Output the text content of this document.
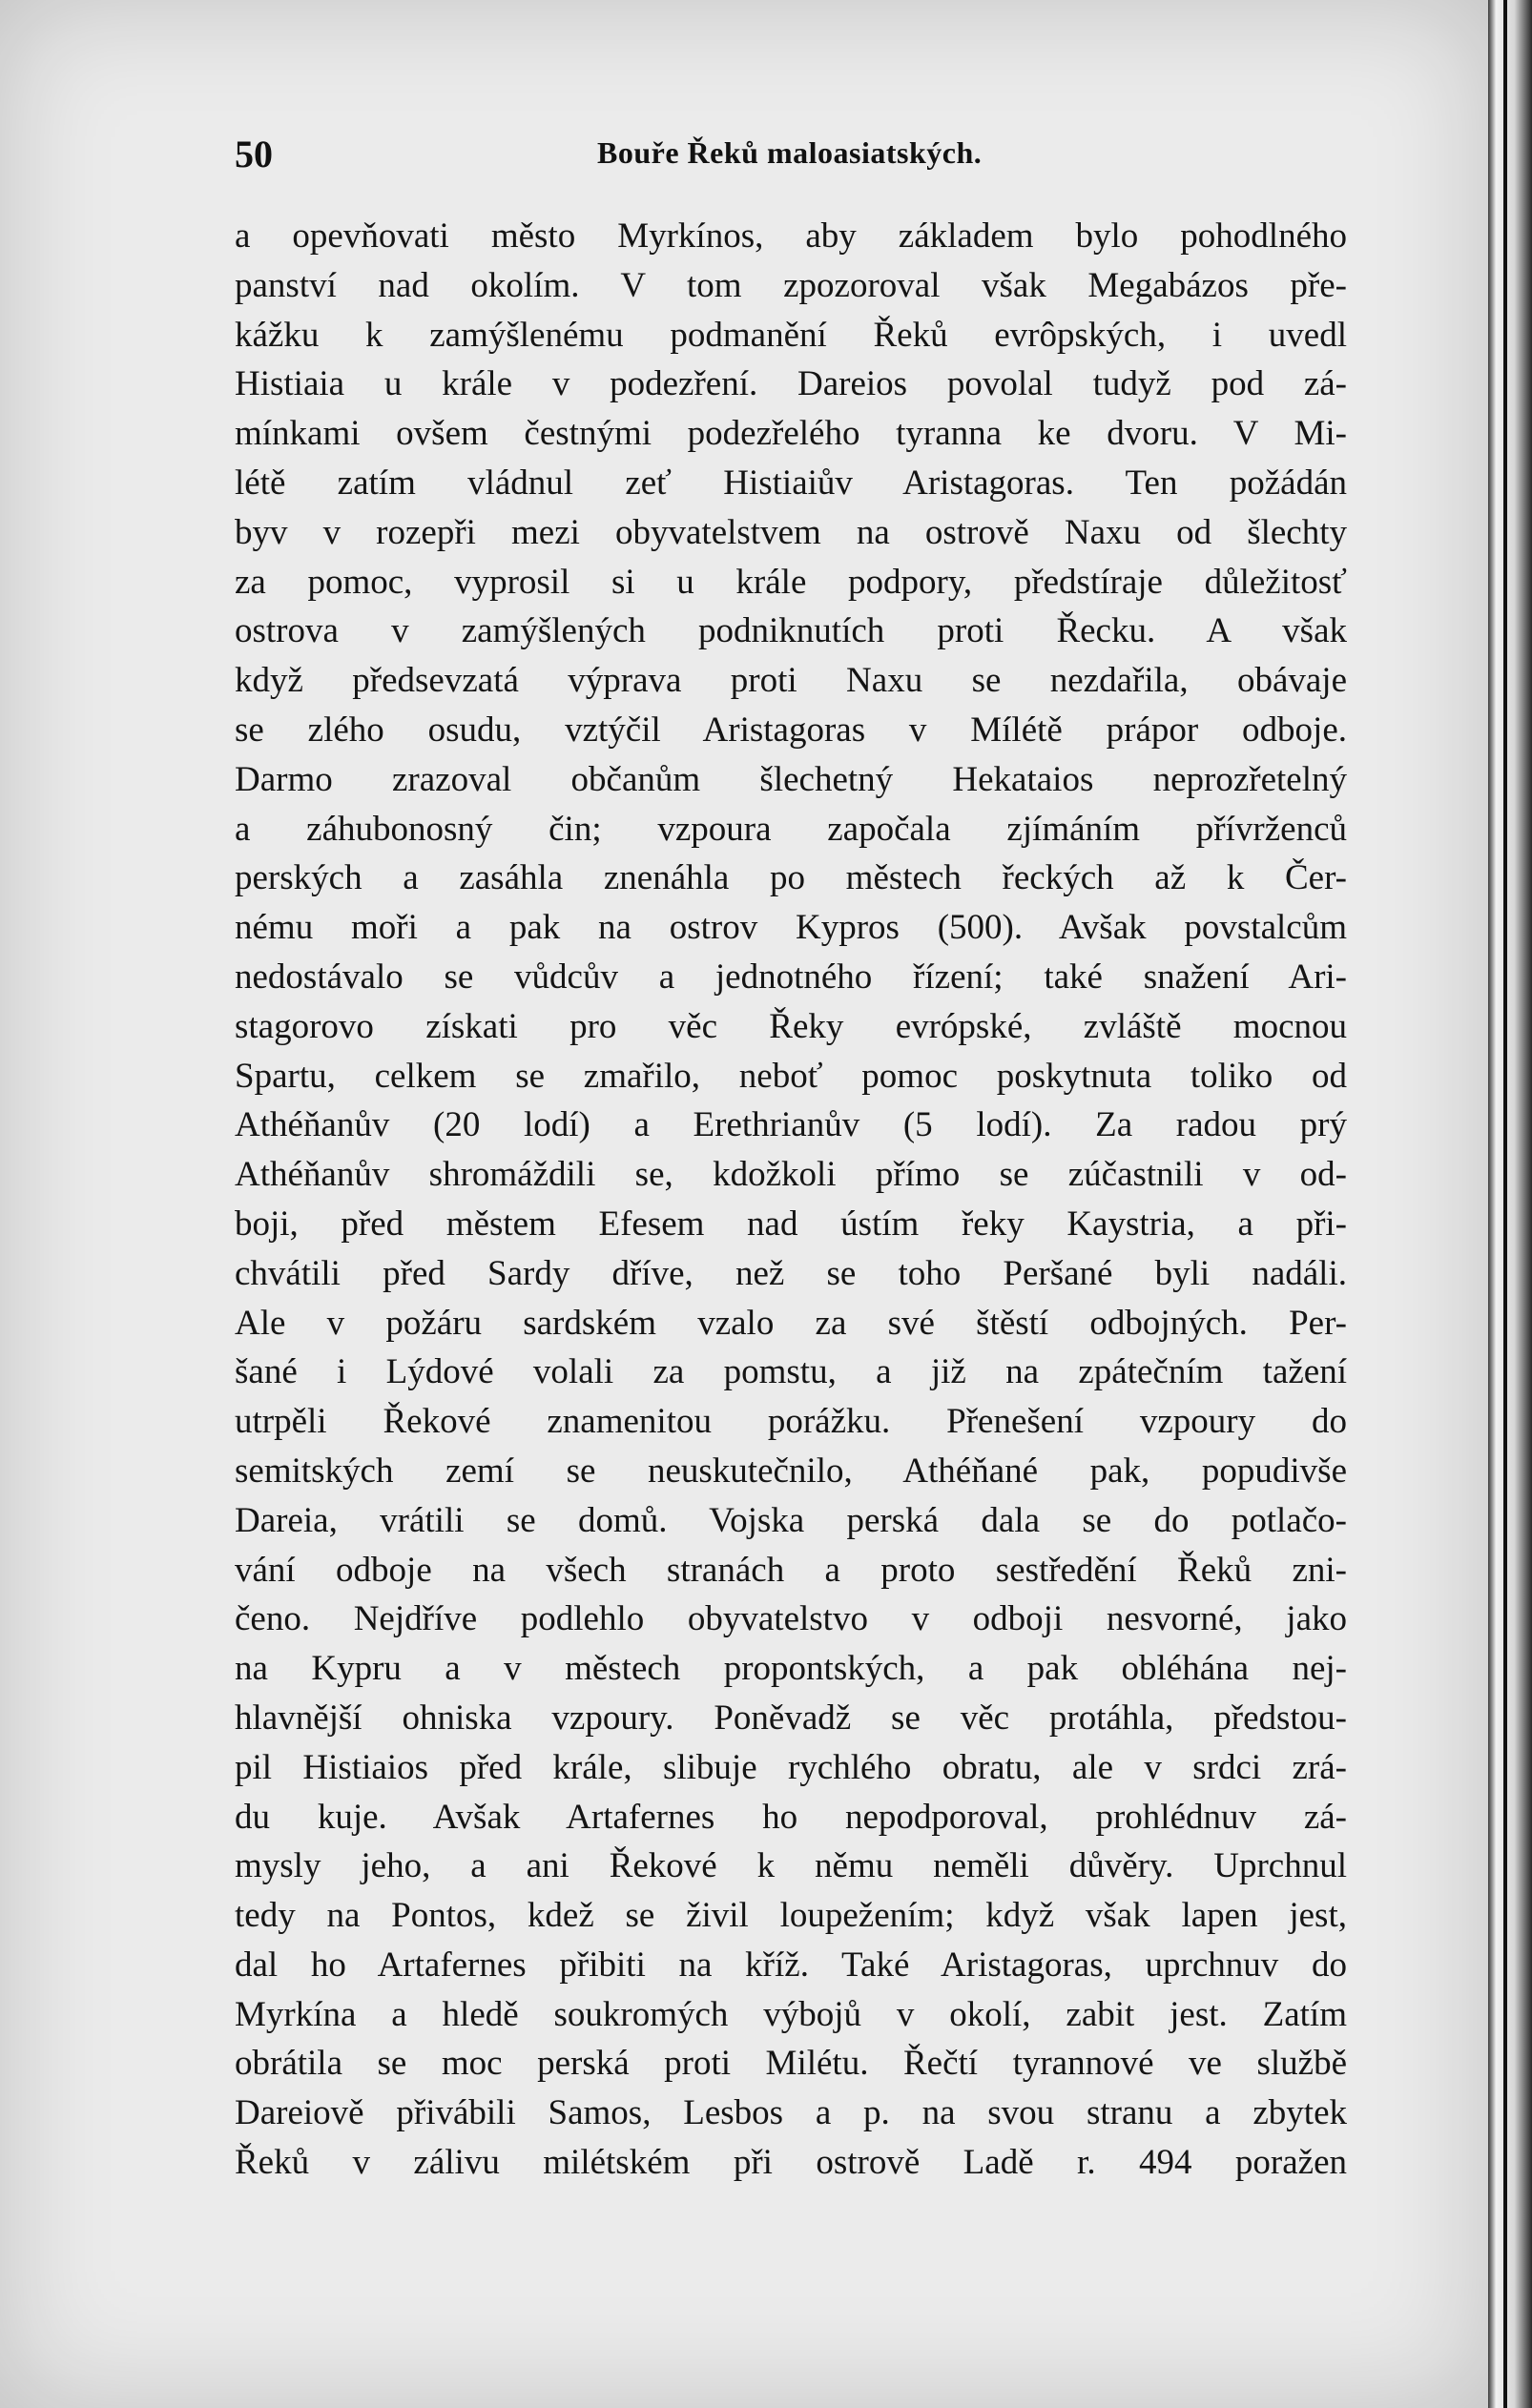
50	Bouře Řeků maloasiatských.
a opevňovati město Myrkínos, aby základem bylo pohodlného
panství nad okolím. V tom zpozoroval však Megabázos pře-
kážku k zamýšlenému podmanění Řeků evrôpských, i uvedl
Histiaia u krále v podezření. Dareios povolal tudyž pod zá-
mínkami ovšem čestnými podezřelého tyranna ke dvoru. V Mi-
létě zatím vládnul zeť Histiaiův Aristagoras. Ten požádán
byv v rozepři mezi obyvatelstvem na ostrově Naxu od šlechty
za pomoc, vyprosil si u krále podpory, předstíraje důležitosť
ostrova v zamýšlených podniknutích proti Řecku. A však
když předsevzatá výprava proti Naxu se nezdařila, obávaje
se zlého osudu, vztýčil Aristagoras v Mílétě prápor odboje.
Darmo zrazoval občanům šlechetný Hekataios neprozřetelný
a záhubonosný čin; vzpoura započala zjímáním přívrženců
perských a zasáhla znenáhla po městech řeckých až k Čer-
nému moři a pak na ostrov Kypros (500). Avšak povstalcům
nedostávalo se vůdcův a jednotného řízení; také snažení Ari-
stagorovo získati pro věc Řeky evrópské, zvláště mocnou
Spartu, celkem se zmařilo, neboť pomoc poskytnuta toliko od
Athéňanův (20 lodí) a Erethrianův (5 lodí). Za radou prý
Athéňanův shromáždili se, kdožkoli přímo se zúčastnili v od-
boji, před městem Efesem nad ústím řeky Kaystria, a při-
chvátili před Sardy dříve, než se toho Peršané byli nadáli.
Ale v požáru sardském vzalo za své štěstí odbojných. Per-
šané i Lýdové volali za pomstu, a již na zpátečním tažení
utrpěli Řekové znamenitou porážku. Přenešení vzpoury do
semitských zemí se neuskutečnilo, Athéňané pak, popudivše
Dareia, vrátili se domů. Vojska perská dala se do potlačo-
vání odboje na všech stranách a proto sestředění Řeků zni-
čeno. Nejdříve podlehlo obyvatelstvo v odboji nesvorné, jako
na Kypru a v městech propontských, a pak obléhána nej-
hlavnější ohniska vzpoury. Poněvadž se věc protáhla, předstou-
pil Histiaios před krále, slibuje rychlého obratu, ale v srdci zrá-
du kuje. Avšak Artafernes ho nepodporoval, prohlédnuv zá-
mysly jeho, a ani Řekové k němu neměli důvěry. Uprchnul
tedy na Pontos, kdež se živil loupežením; když však lapen jest,
dal ho Artafernes přibiti na kříž. Také Aristagoras, uprchnuv do
Myrkína a hledě soukromých výbojů v okolí, zabit jest. Zatím
obrátila se moc perská proti Milétu. Řečtí tyrannové ve službě
Dareiově přivábili Samos, Lesbos a p. na svou stranu a zbytek
Řeků v zálivu milétském při ostrově Ladě r. 494 poražen
